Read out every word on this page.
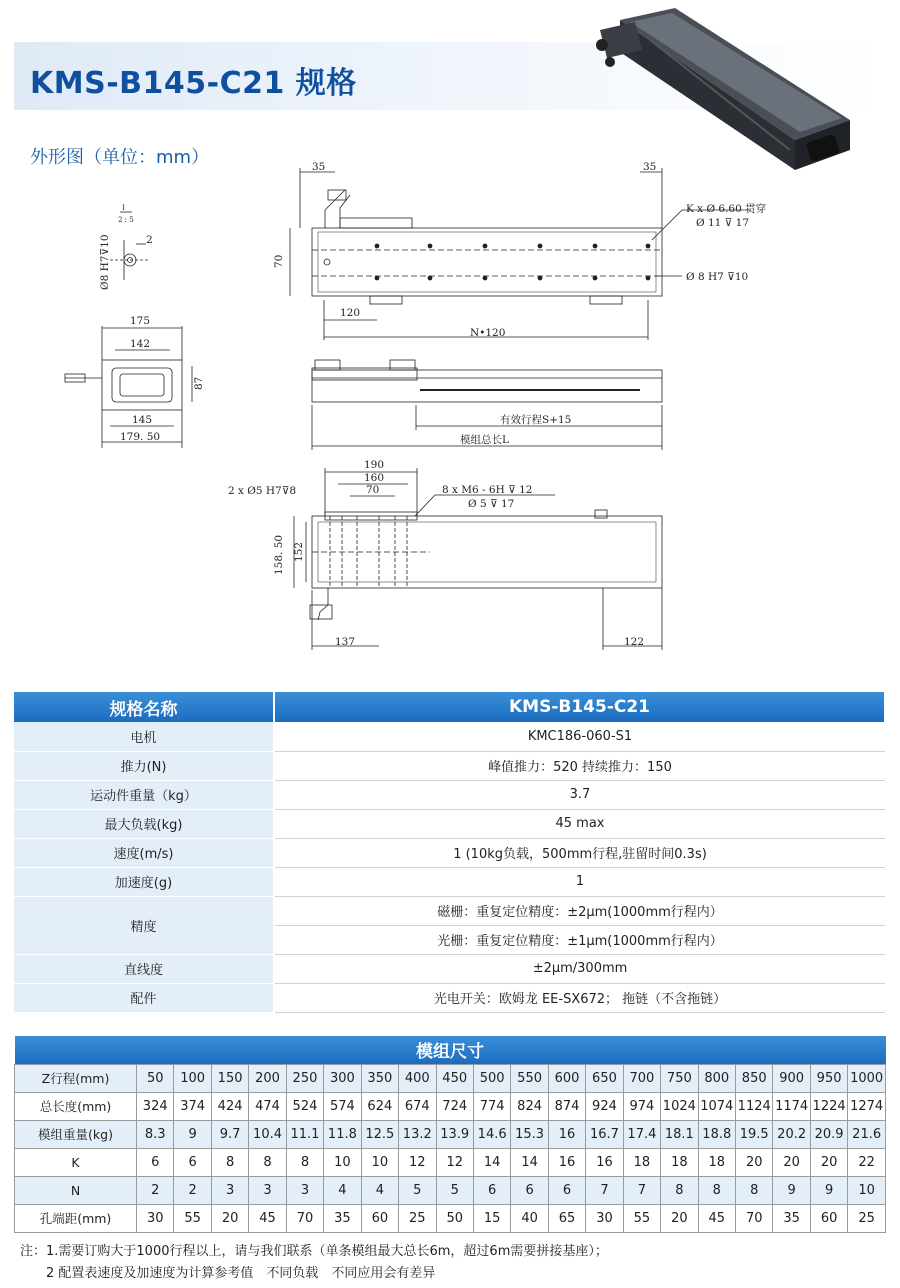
KMS-B145-C21 规格
外形图（单位：mm）	35	35
K x Ø 6.60 贯穿
Ø 11 ⊽ 17
Ø 8 H7 ⊽10
70
120
N•120
有效行程S+15
模组总长L
175
142
87
145
179. 50
I
2 : 5
Ø8 H7⊽10	2
190
160
70
2 x Ø5 H7⊽8	8 x M6 - 6H ⊽ 12
Ø 5 ⊽ 17
158. 50 152
137	122
规格名称	KMS-B145-C21
电机	KMC186-060-S1
推力(N)	峰值推力：520 持续推力：150
运动件重量（kg）	3.7
最大负载(kg)	45 max
速度(m/s)	1 (10kg负载，500mm行程,驻留时间0.3s)
加速度(g)	1
精度	磁栅：重复定位精度：±2μm(1000mm行程内）
	光栅：重复定位精度：±1μm(1000mm行程内）
直线度	±2μm/300mm
配件	光电开关：欧姆龙 EE-SX672； 拖链（不含拖链）
模组尺寸																				
Z行程(mm)	50	100	150	200	250	300	350	400	450	500	550	600	650	700	750	800	850	900	950	1000
总长度(mm)	324	374	424	474	524	574	624	674	724	774	824	874	924	974	1024	1074	1124	1174	1224	1274
模组重量(kg)	8.3	9	9.7	10.4	11.1	11.8	12.5	13.2	13.9	14.6	15.3	16	16.7	17.4	18.1	18.8	19.5	20.2	20.9	21.6
K	6	6	8	8	8	10	10	12	12	14	14	16	16	18	18	18	20	20	20	22
N	2	2	3	3	3	4	4	5	5	6	6	6	7	7	8	8	8	9	9	10
孔端距(mm)	30	55	20	45	70	35	60	25	50	15	40	65	30	55	20	45	70	35	60	25
注：1.需要订购大于1000行程以上，请与我们联系（单条模组最大总长6m，超过6m需要拼接基座）；
2 配置表速度及加速度为计算参考值　不同负载　不同应用会有差异
